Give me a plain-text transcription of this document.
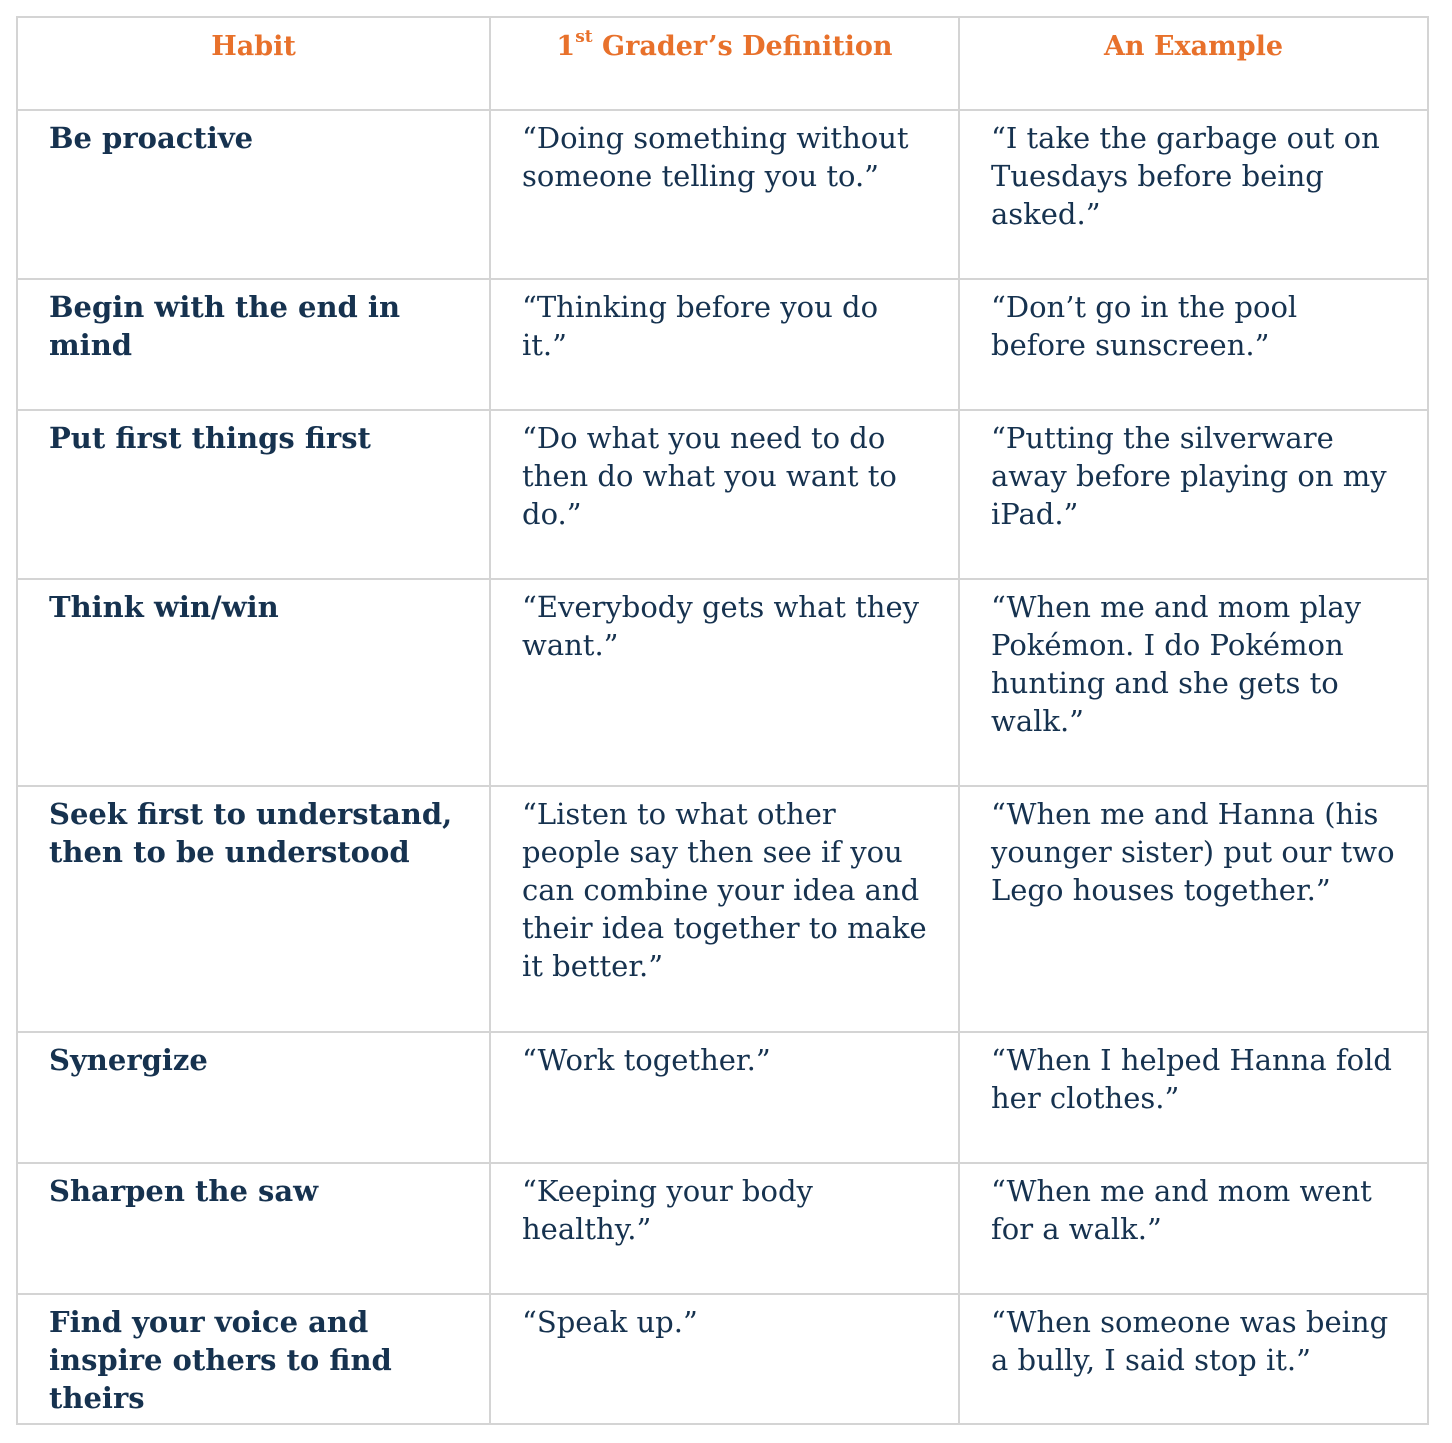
Habit	1st Grader’s Definition	An Example
Be proactive	“Doing something without someone telling you to.”	“I take the garbage out on Tuesdays before being asked.”
Begin with the end in mind	“Thinking before you do it.”	“Don’t go in the pool before sunscreen.”
Put first things first	“Do what you need to do then do what you want to do.”	“Putting the silverware away before playing on my iPad.”
Think win/win	“Everybody gets what they want.”	“When me and mom play Pokémon. I do Pokémon hunting and she gets to walk.”
Seek first to understand, then to be understood	“Listen to what other people say then see if you can combine your idea and their idea together to make it better.”	“When me and Hanna (his younger sister) put our two Lego houses together.”
Synergize	“Work together.”	“When I helped Hanna fold her clothes.”
Sharpen the saw	“Keeping your body healthy.”	“When me and mom went for a walk.”
Find your voice and inspire others to find theirs	“Speak up.”	“When someone was being a bully, I said stop it.”
